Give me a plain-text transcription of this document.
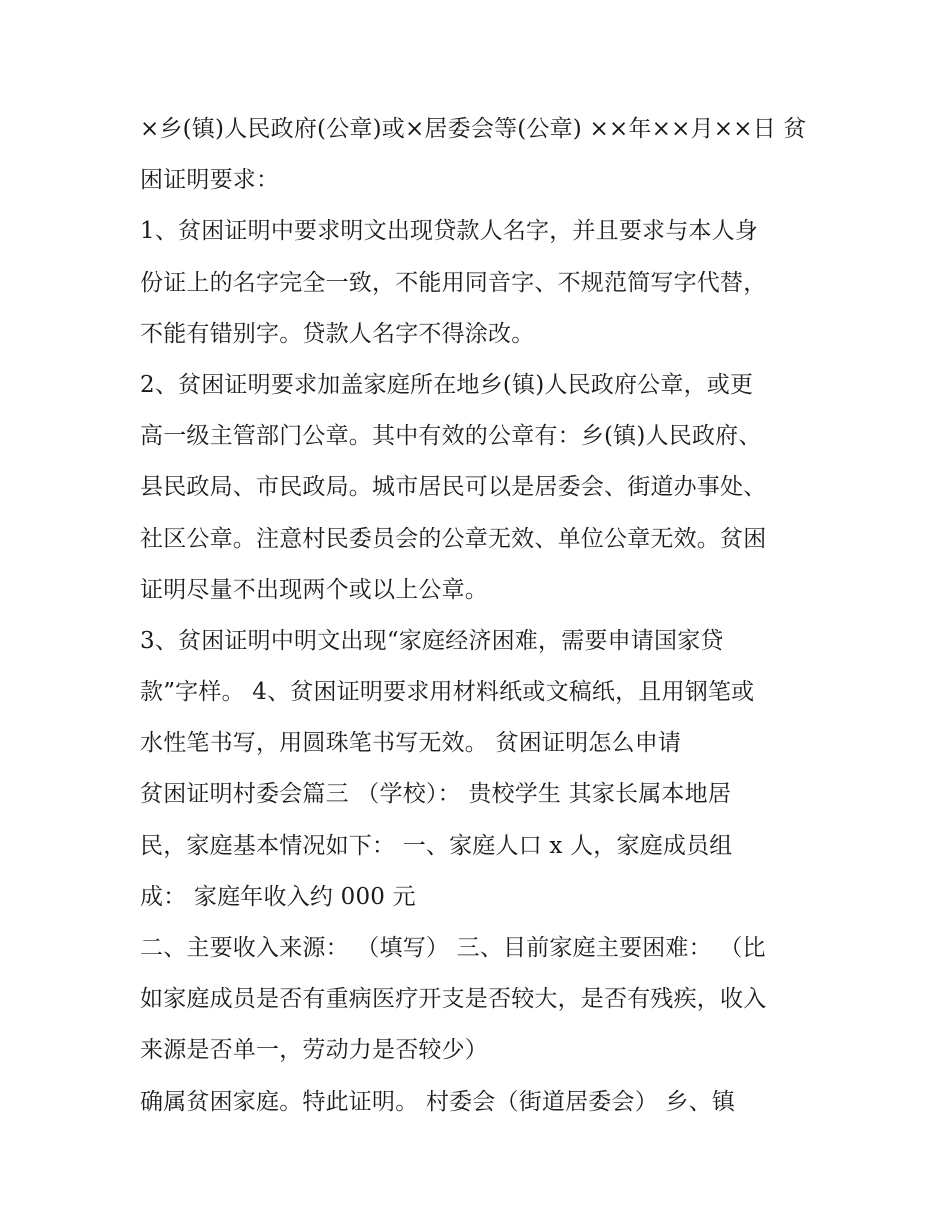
×乡(镇)人民政府(公章)或×居委会等(公章) ××年××月××日 贫
困证明要求：
1、贫困证明中要求明文出现贷款人名字，并且要求与本人身
份证上的名字完全一致，不能用同音字、不规范简写字代替，
不能有错别字。贷款人名字不得涂改。
2、贫困证明要求加盖家庭所在地乡(镇)人民政府公章，或更
高一级主管部门公章。其中有效的公章有：乡(镇)人民政府、
县民政局、市民政局。城市居民可以是居委会、街道办事处、
社区公章。注意村民委员会的公章无效、单位公章无效。贫困
证明尽量不出现两个或以上公章。
3、贫困证明中明文出现“家庭经济困难，需要申请国家贷
款”字样。 4、贫困证明要求用材料纸或文稿纸，且用钢笔或
水性笔书写，用圆珠笔书写无效。 贫困证明怎么申请
贫困证明村委会篇三 （学校）： 贵校学生 其家长属本地居
民，家庭基本情况如下： 一、家庭人口 x 人，家庭成员组
成： 家庭年收入约 000 元
二、主要收入来源： （填写） 三、目前家庭主要困难： （比
如家庭成员是否有重病医疗开支是否较大，是否有残疾，收入
来源是否单一，劳动力是否较少）
确属贫困家庭。特此证明。 村委会（街道居委会） 乡、镇
